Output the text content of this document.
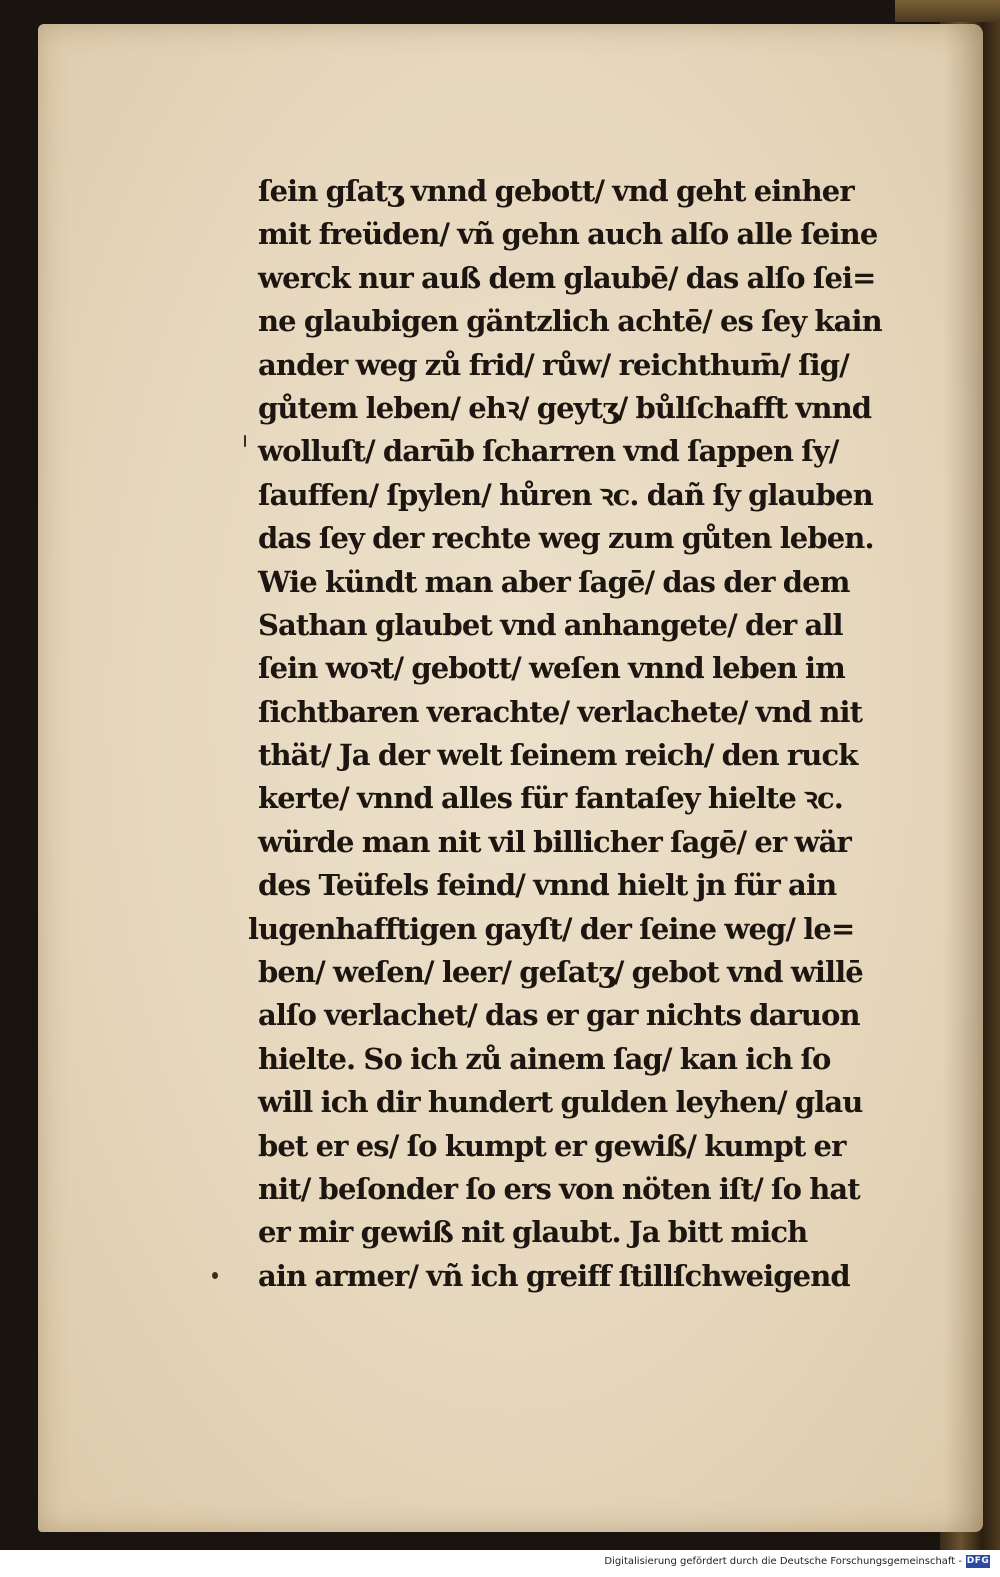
ſein gſatʒ vnnd gebott/ vnd geht einher
mit freüden/ vñ gehn auch alſo alle ſeine
werck nur auß dem glaubē/ das alſo ſei=
ne glaubigen gäntzlich achtē/ es ſey kain
ander weg zů frid/ růw/ reichthum̄/ ſig/
gůtem leben/ ehꝛ/ geytʒ/ bůlſchafft vnnd
wolluſt/ darūb ſcharren vnd ſappen ſy/
ſauffen/ ſpylen/ hůren ꝛc. dañ ſy glauben
das ſey der rechte weg zum gůten leben.
Wie kündt man aber ſagē/ das der dem
Sathan glaubet vnd anhangete/ der all
ſein woꝛt/ gebott/ weſen vnnd leben im
ſichtbaren verachte/ verlachete/ vnd nit
thät/ Ja der welt ſeinem reich/ den ruck
kerte/ vnnd alles für fantaſey hielte ꝛc.
würde man nit vil billicher ſagē/ er wär
des Teüfels feind/ vnnd hielt jn für ain
lugenhafftigen gayſt/ der ſeine weg/ le=
ben/ weſen/ leer/ geſatʒ/ gebot vnd willē
alſo verlachet/ das er gar nichts daruon
hielte. So ich zů ainem ſag/ kan ich ſo
will ich dir hundert gulden leyhen/ glau
bet er es/ ſo kumpt er gewiß/ kumpt er
nit/ beſonder ſo ers von nöten iſt/ ſo hat
er mir gewiß nit glaubt. Ja bitt mich
ain armer/ vñ ich greiff ſtillſchweigend
Digitalisierung gefördert durch die Deutsche Forschungsgemeinschaft - DFG
